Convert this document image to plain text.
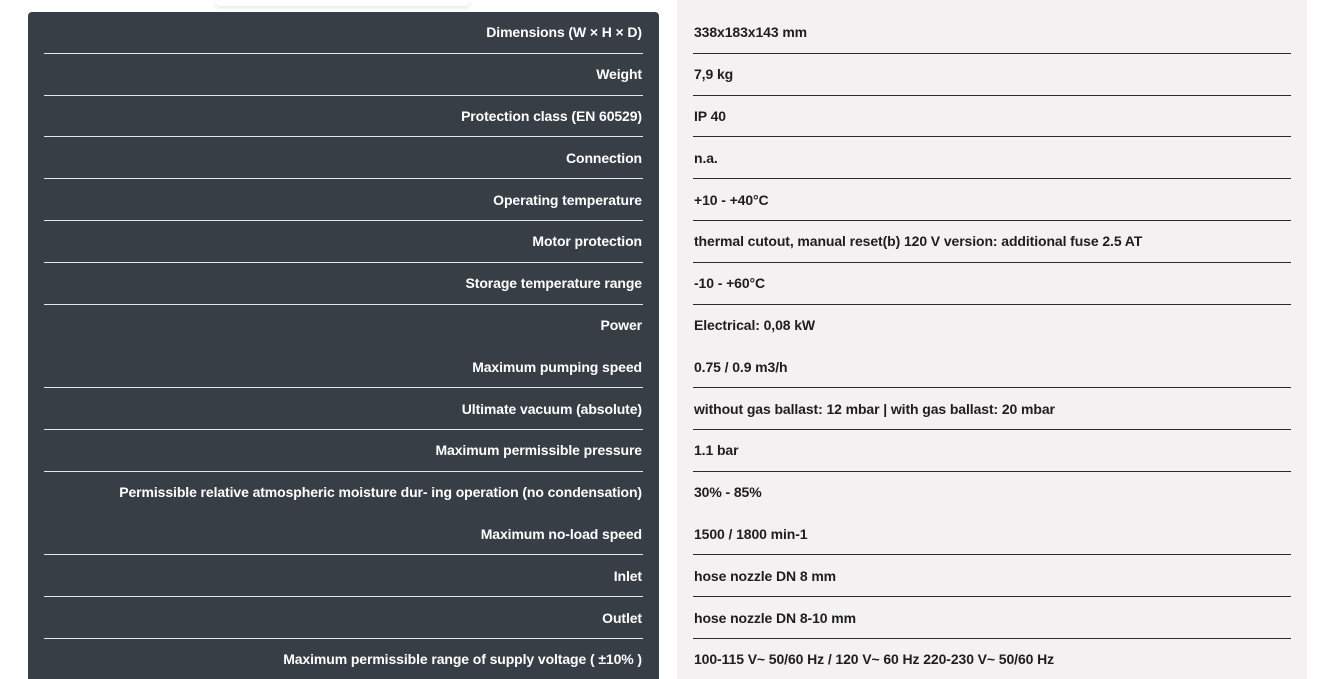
Dimensions (W × H × D)
Weight
Protection class (EN 60529)
Connection
Operating temperature
Motor protection
Storage temperature range
Power
Maximum pumping speed
Ultimate vacuum (absolute)
Maximum permissible pressure
Permissible relative atmospheric moisture dur- ing operation (no condensation)
Maximum no-load speed
Inlet
Outlet
Maximum permissible range of supply voltage ( ±10% )
338x183x143 mm
7,9 kg
IP 40
n.a.
+10 - +40°C
thermal cutout, manual reset(b) 120 V version: additional fuse 2.5 AT
-10 - +60°C
Electrical: 0,08 kW
0.75 / 0.9 m3/h
without gas ballast: 12 mbar | with gas ballast: 20 mbar
1.1 bar
30% - 85%
1500 / 1800 min-1
hose nozzle DN 8 mm
hose nozzle DN 8-10 mm
100-115 V~ 50/60 Hz / 120 V~ 60 Hz 220-230 V~ 50/60 Hz
